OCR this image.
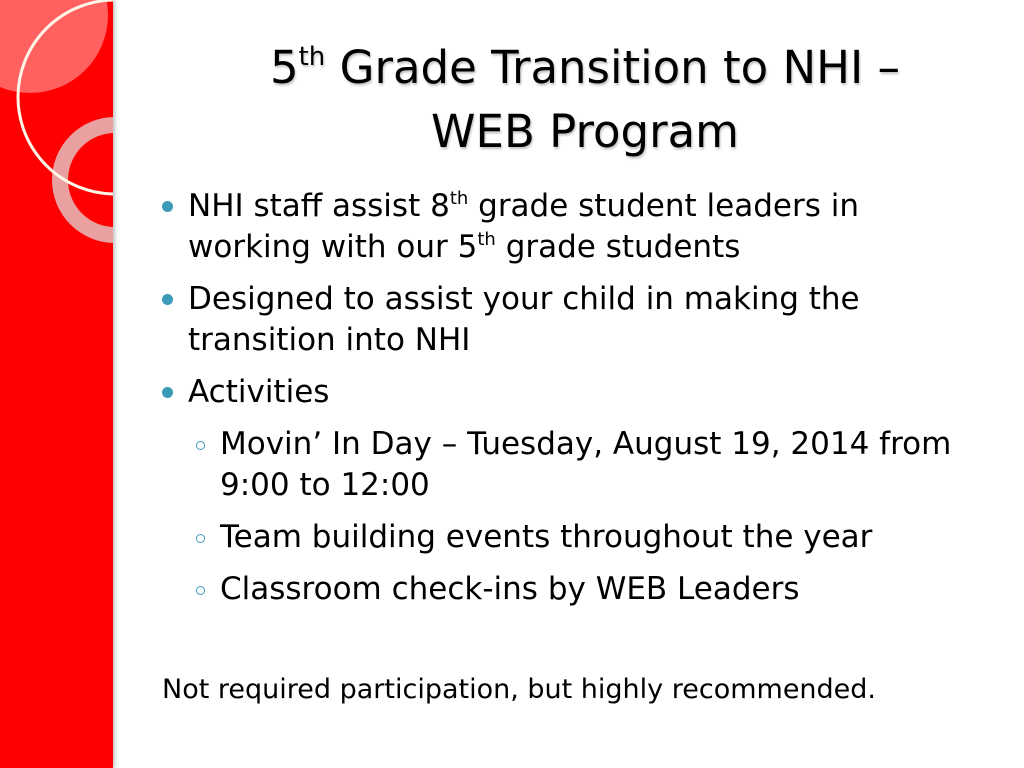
5th Grade Transition to NHI –
WEB Program
NHI staff assist 8th grade student leaders in working with our 5th grade students
Designed to assist your child in making the transition into NHI
Activities
Movin’ In Day – Tuesday, August 19, 2014 from 9:00 to 12:00
Team building events throughout the year
Classroom check-ins by WEB Leaders
Not required participation, but highly recommended.
